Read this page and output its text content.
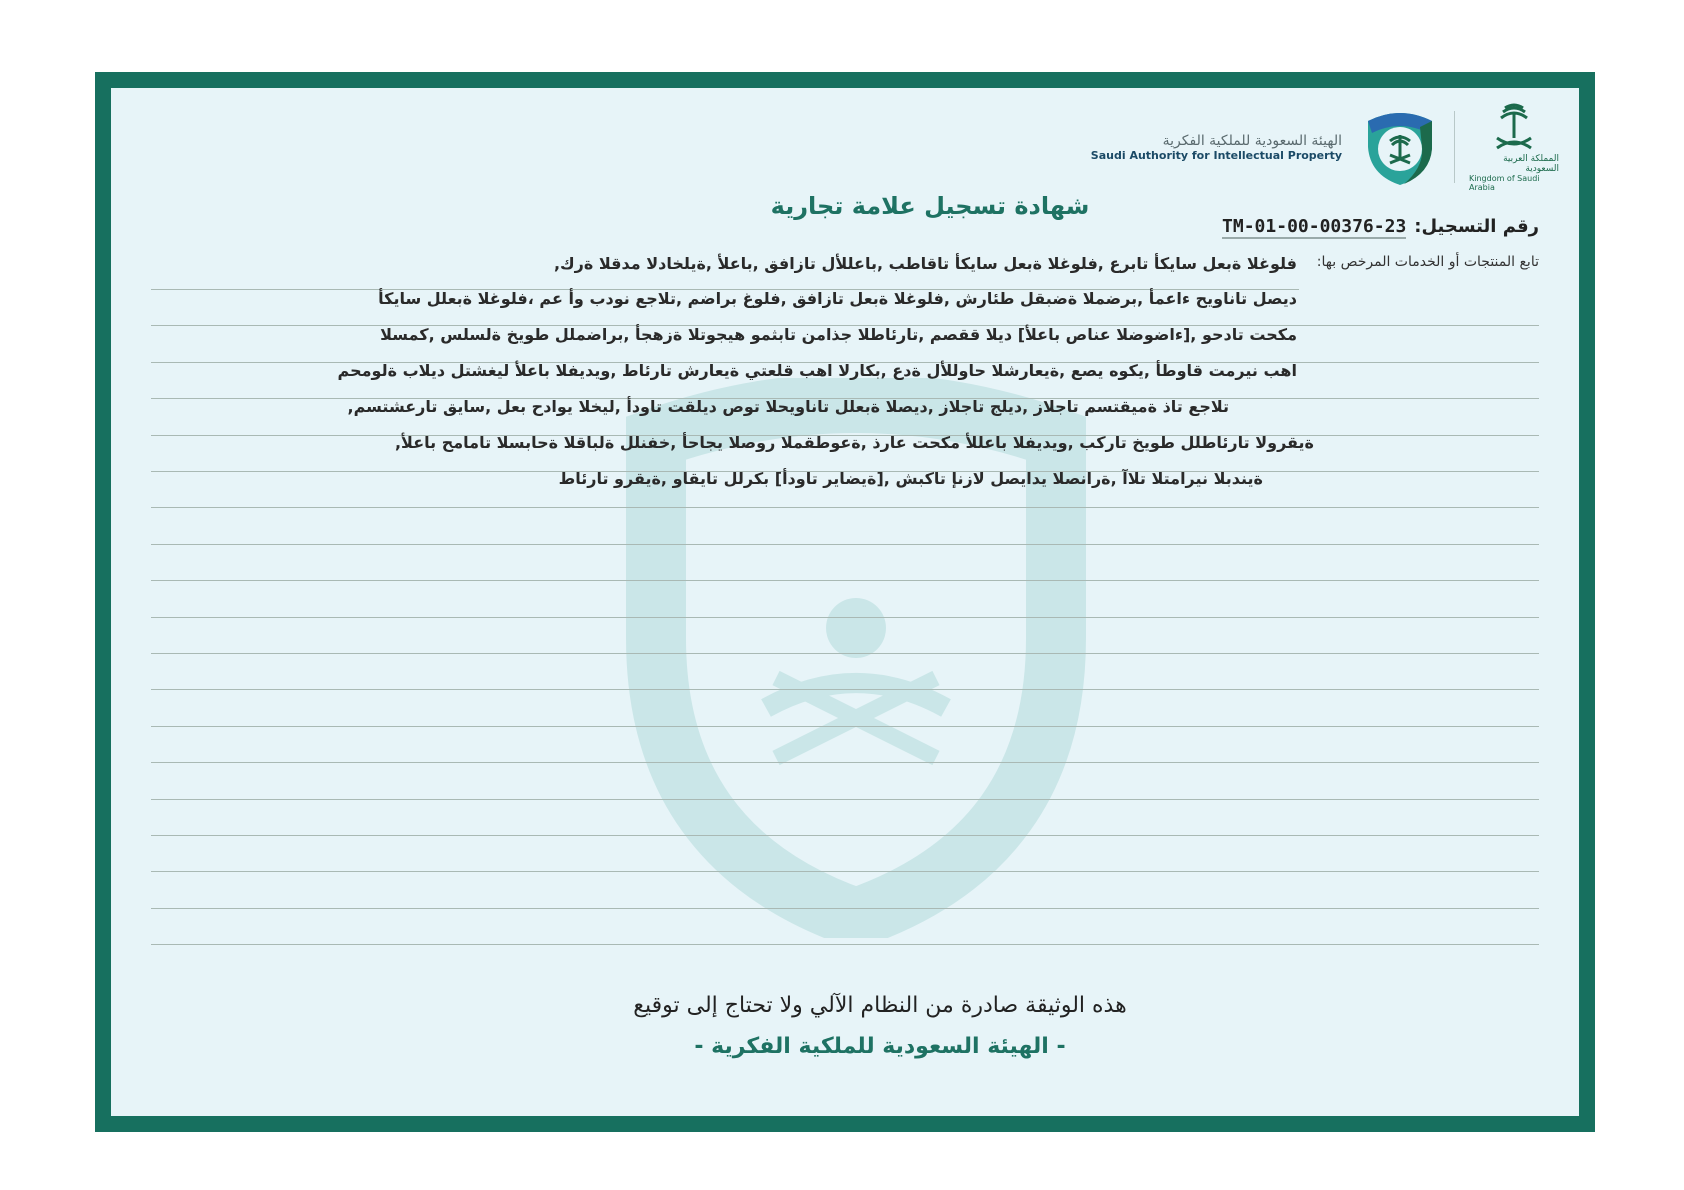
الهيئة السعودية للملكية الفكرية
Saudi Authority for Intellectual Property	المملكة العربية السعودية
Kingdom of Saudi Arabia
شهادة تسجيل علامة تجارية
رقم التسجيل:
TM-01-00-00376-23
تابع المنتجات أو الخدمات المرخص بها:
فلوغلا ةبعل سايكأ تابرع ,فلوغلا ةبعل سايكأ تاقاطب ,باعللأل تازافق ,باعلأ ,ةيلخادلا مدقلا ةرك,
ديصل تاناويح ءاعمأ ,برضملا ةضبقل طئارش ,فلوغلا ةبعل تازافق ,فلوغ براضم ,تلاجع نودب وأ عم ،فلوغلا ةبعلل سايكأ
مكحت تادحو ,[ءاضوضلا عناص باعلأ] ديلا ققصم ,تارئاطلا جذامن تابثمو هيجوتلا ةزهجأ ,براضملل طويخ ةلسلس ,كمسلا
اهب نيرمت قاوطأ ,يكوه يصع ,ةيعارشلا حاوللأل ةدع ,بكارلا اهب قلعتي ةيعارش تارئاط ,ويديفلا باعلأ ليغشتل ديلاب ةلومحم
تلاجع تاذ ةميقتسم تاجلاز ,ديلج تاجلاز ,ديصلا ةبعلل تاناويحلا توص ديلقت تاودأ ,ليخلا يوادح بعل ,سايق تارعشتسم,
ةيقرولا تارئاطلل طويخ تاركب ,ويديفلا باعللأ مكحت عارذ ,ةعوطقملا روصلا يجاحأ ,خفنلل ةلباقلا ةحابسلا تامامح باعلأ,
ةيندبلا نيرامتلا تلاآ ,ةرانصلا يدايصل لازنإ تاكبش ,[ةيضاير تاودأ] بكرلل تايقاو ,ةيقرو تارئاط
هذه الوثيقة صادرة من النظام الآلي ولا تحتاج إلى توقيع
- الهيئة السعودية للملكية الفكرية -
